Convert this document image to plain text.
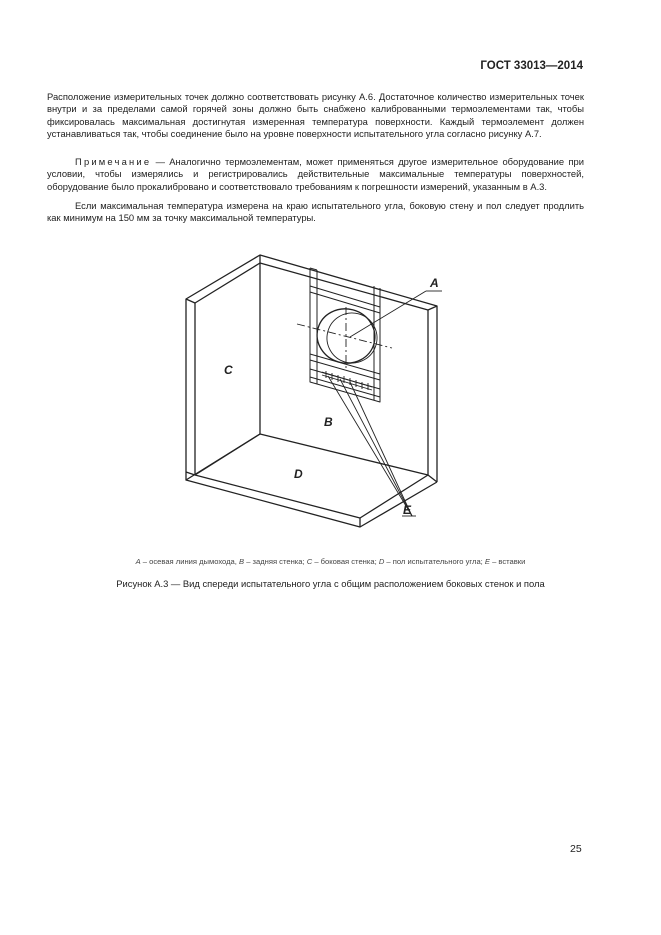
ГОСТ 33013—2014

Расположение измерительных точек должно соответствовать рисунку А.6. Достаточное количество измерительных точек внутри и за пределами самой горячей зоны должно быть снабжено калиброванными термоэлементами так, чтобы фиксировалась максимальная достигнутая измеренная температура поверхности. Каждый термоэлемент должен устанавливаться так, чтобы соединение было на уровне поверхности испытательного угла согласно рисунку А.7.

Примечание — Аналогично термоэлементам, может применяться другое измерительное оборудование при условии, чтобы измерялись и регистрировались действительные максимальные температуры поверхностей, оборудование было прокалибровано и соответствовало требованиям к погрешности измерений, указанным в А.3.

Если максимальная температура измерена на краю испытательного угла, боковую стену и пол следует продлить как минимум на 150 мм за точку максимальной температуры.

A
B
C
D
E
A – осевая линия дымохода, B – задняя стенка; C – боковая стенка; D – пол испытательного угла; E – вставки
Рисунок А.3 — Вид спереди испытательного угла с общим расположением боковых стенок и пола
25
